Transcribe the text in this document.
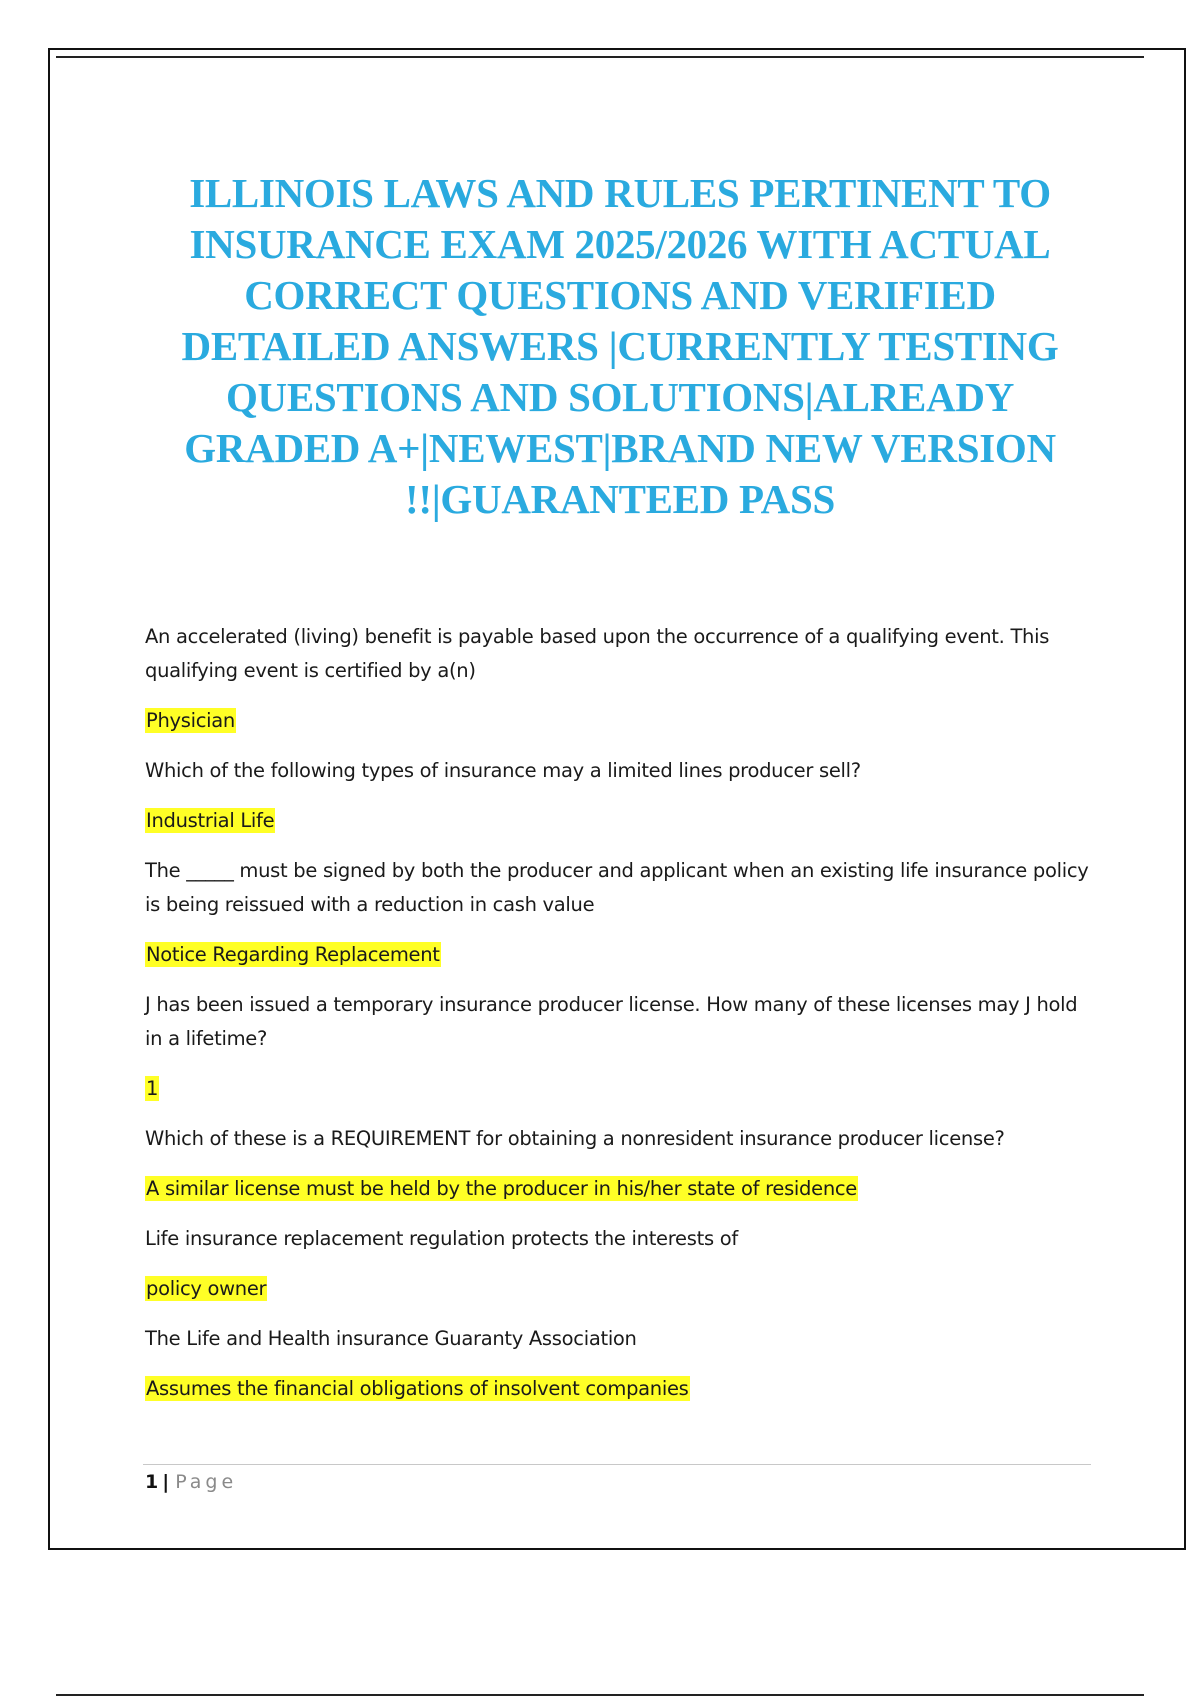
ILLINOIS LAWS AND RULES PERTINENT TO INSURANCE EXAM 2025/2026 WITH ACTUAL CORRECT QUESTIONS AND VERIFIED DETAILED ANSWERS |CURRENTLY TESTING QUESTIONS AND SOLUTIONS|ALREADY GRADED A+|NEWEST|BRAND NEW VERSION !!|GUARANTEED PASS

An accelerated (living) benefit is payable based upon the occurrence of a qualifying event. This qualifying event is certified by a(n)

Physician

Which of the following types of insurance may a limited lines producer sell?

Industrial Life

The _____ must be signed by both the producer and applicant when an existing life insurance policy is being reissued with a reduction in cash value

Notice Regarding Replacement

J has been issued a temporary insurance producer license. How many of these licenses may J hold in a lifetime?

1

Which of these is a REQUIREMENT for obtaining a nonresident insurance producer license?

A similar license must be held by the producer in his/her state of residence

Life insurance replacement regulation protects the interests of

policy owner

The Life and Health insurance Guaranty Association

Assumes the financial obligations of insolvent companies

1 | Page
